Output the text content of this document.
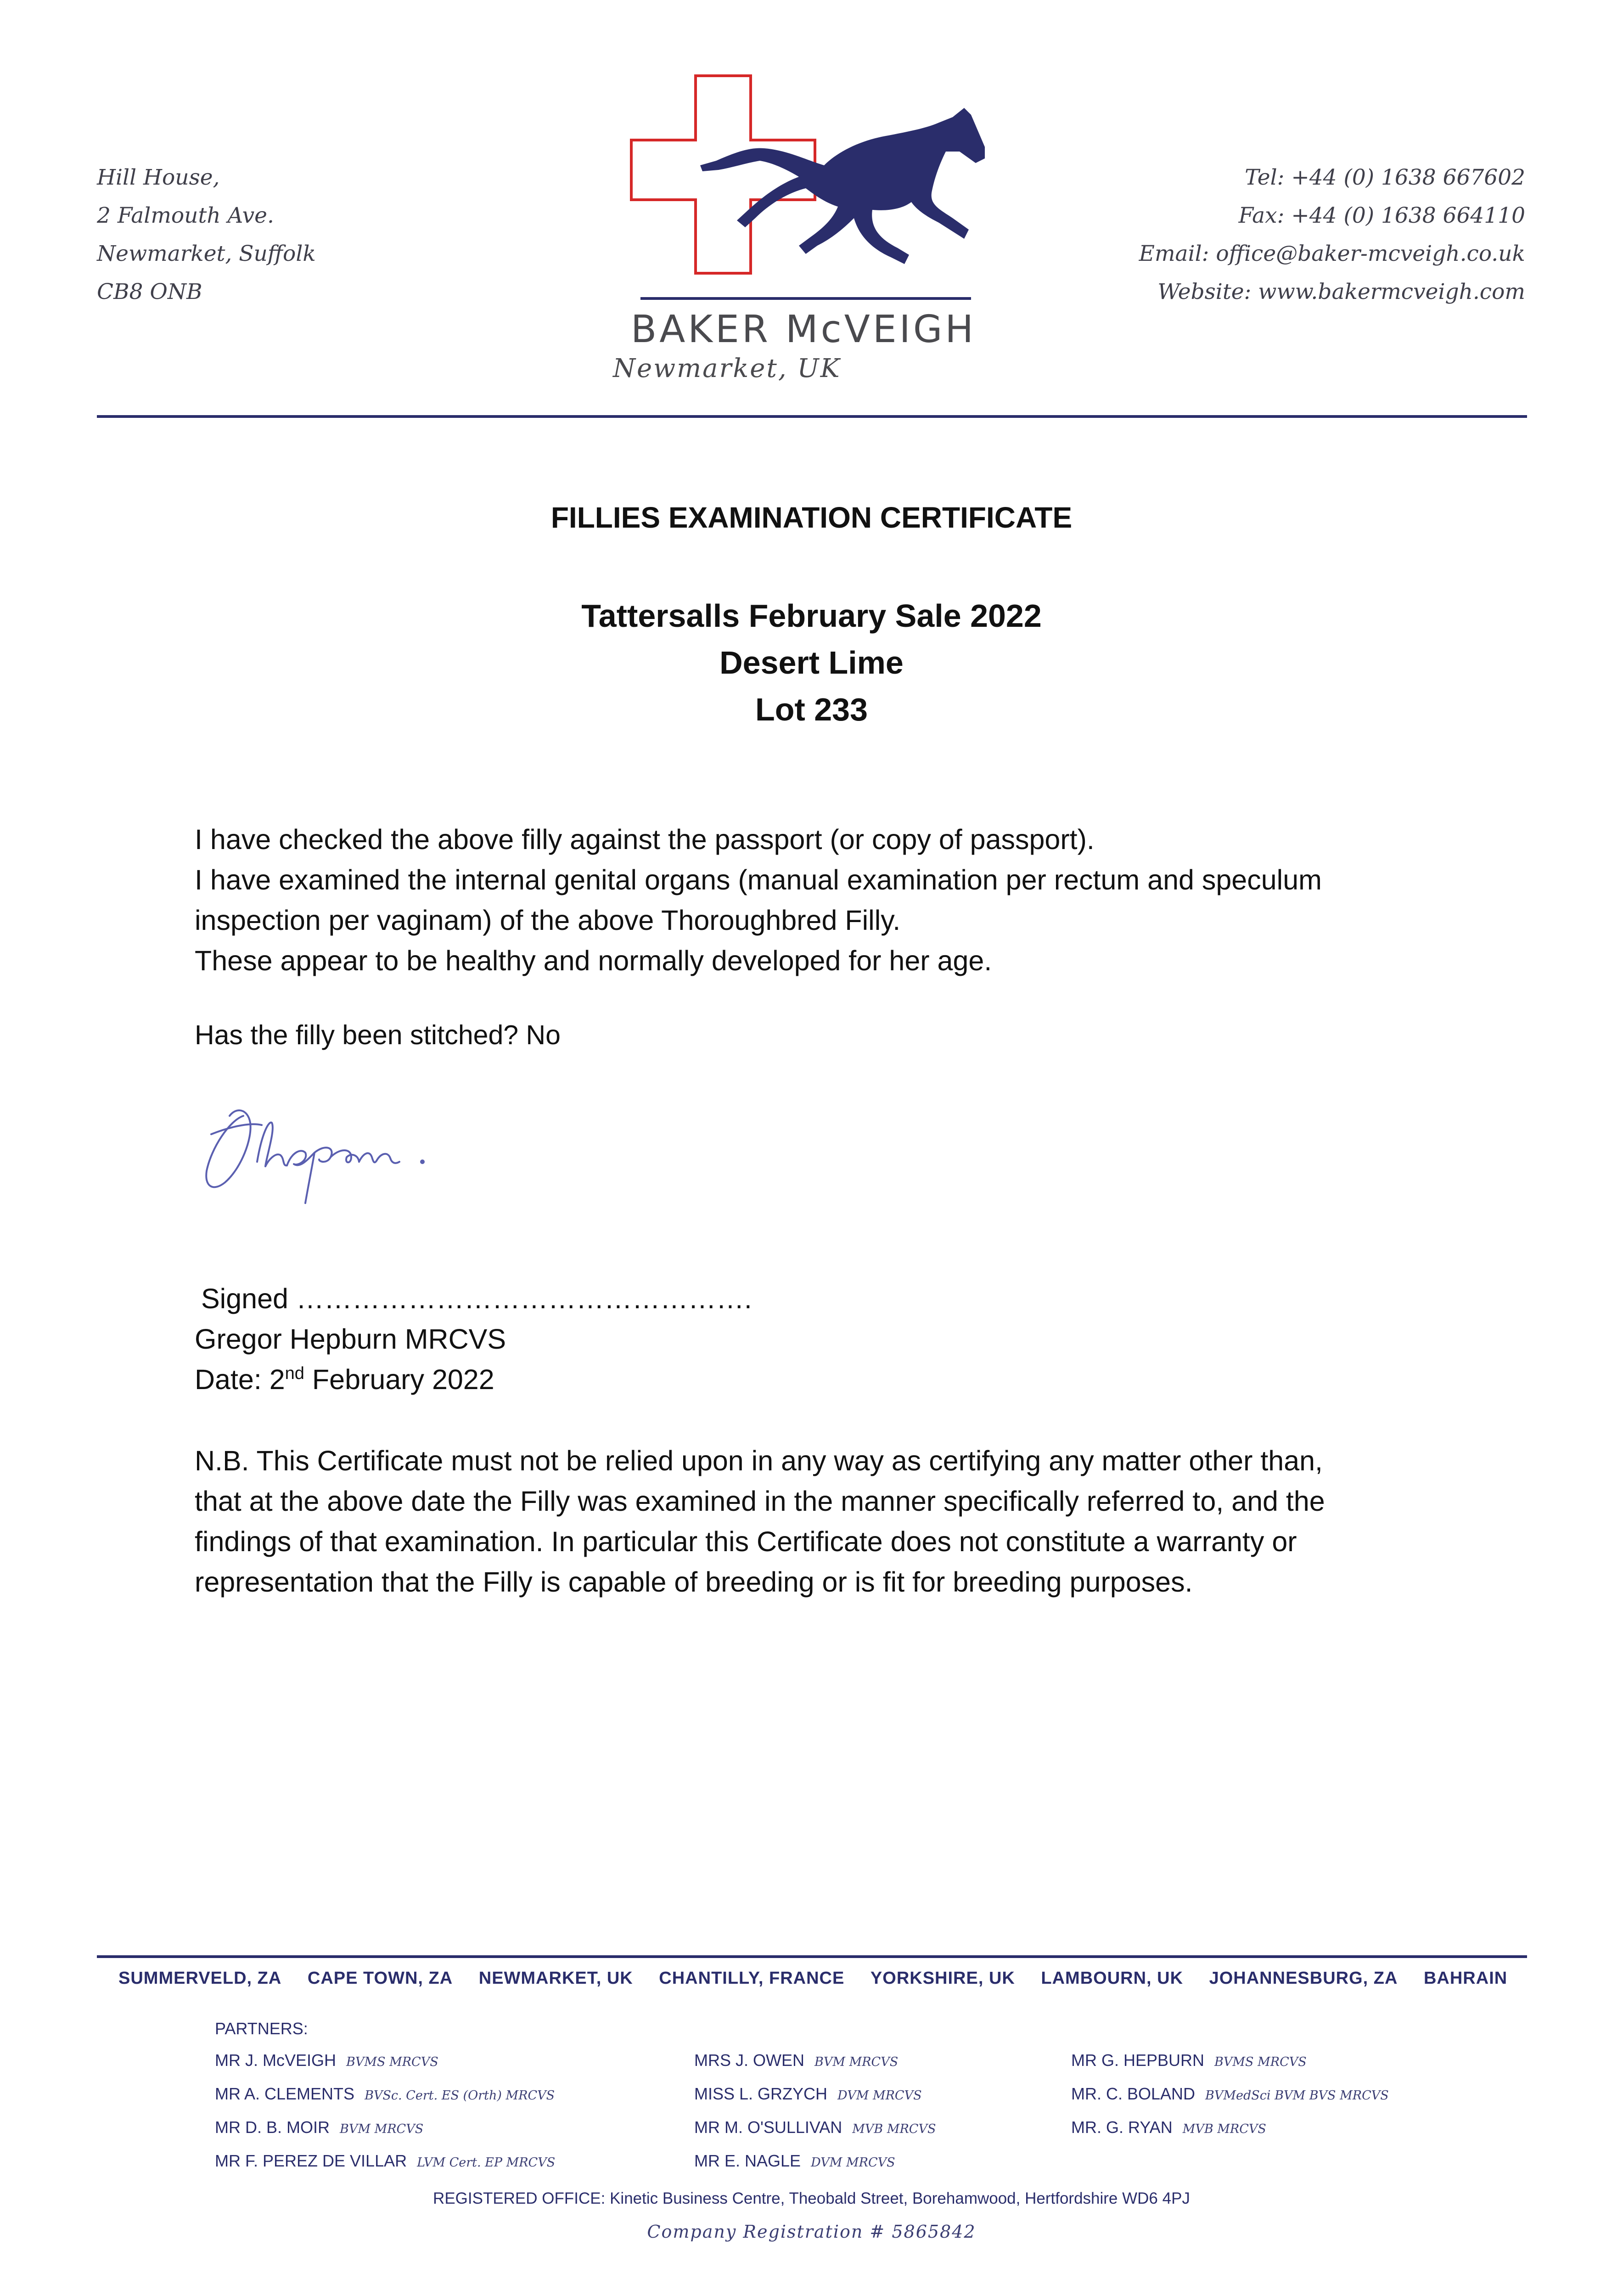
Hill House,
2 Falmouth Ave.
Newmarket, Suffolk
CB8 ONB
BAKER McVEIGH
Newmarket, UK
Tel: +44 (0) 1638 667602
Fax: +44 (0) 1638 664110
Email: office@baker-mcveigh.co.uk
Website: www.bakermcveigh.com
FILLIES EXAMINATION CERTIFICATE
Tattersalls February Sale 2022
Desert Lime
Lot 233
I have checked the above filly against the passport (or copy of passport).
I have examined the internal genital organs (manual examination per rectum and speculum
inspection per vaginam) of the above Thoroughbred Filly.
These appear to be healthy and normally developed for her age.
Has the filly been stitched? No
Signed ………………………………………….
Gregor Hepburn MRCVS
Date: 2nd February 2022
N.B. This Certificate must not be relied upon in any way as certifying any matter other than,
that at the above date the Filly was examined in the manner specifically referred to, and the
findings of that examination. In particular this Certificate does not constitute a warranty or
representation that the Filly is capable of breeding or is fit for breeding purposes.
SUMMERVELD, ZA CAPE TOWN, ZA NEWMARKET, UK CHANTILLY, FRANCE YORKSHIRE, UK LAMBOURN, UK JOHANNESBURG, ZA BAHRAIN
PARTNERS:
MR J. McVEIGH BVMS MRCVS
MR A. CLEMENTS BVSc. Cert. ES (Orth) MRCVS
MR D. B. MOIR BVM MRCVS
MR F. PEREZ DE VILLAR LVM Cert. EP MRCVS
MRS J. OWEN BVM MRCVS
MISS L. GRZYCH DVM MRCVS
MR M. O'SULLIVAN MVB MRCVS
MR E. NAGLE DVM MRCVS
MR G. HEPBURN BVMS MRCVS
MR. C. BOLAND BVMedSci BVM BVS MRCVS
MR. G. RYAN MVB MRCVS
REGISTERED OFFICE: Kinetic Business Centre, Theobald Street, Borehamwood, Hertfordshire WD6 4PJ
Company Registration # 5865842
